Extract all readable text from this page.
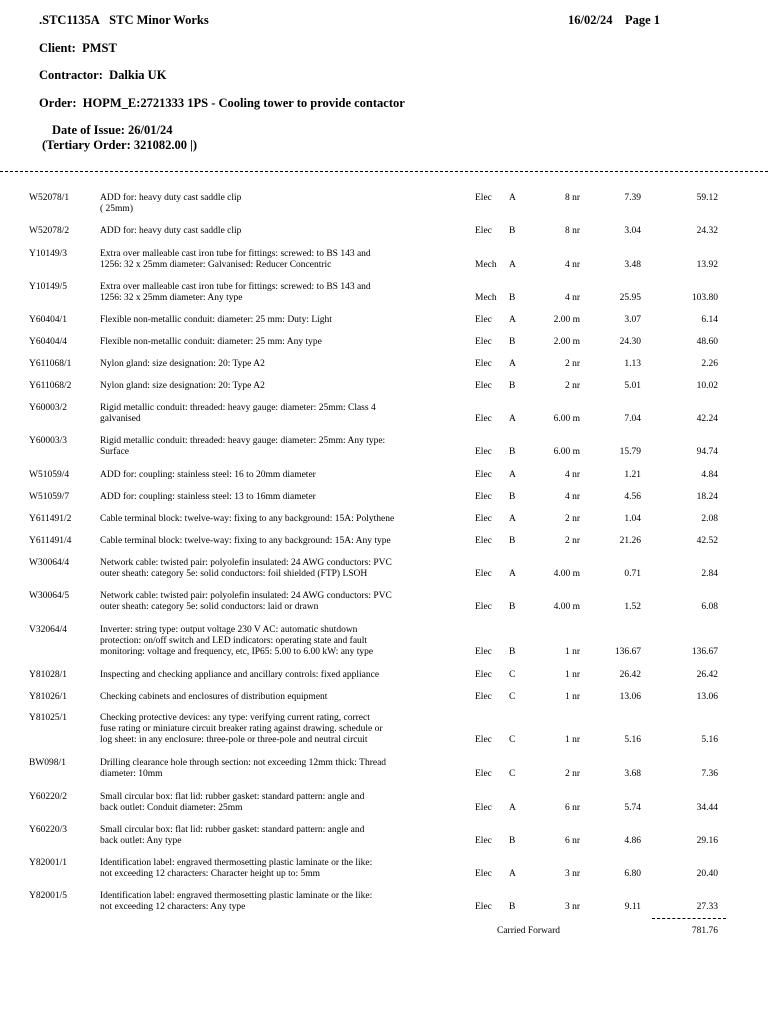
.STC1135A STC Minor Works	16/02/24 Page 1
Client: PMST
Contractor: Dalkia UK
Order: HOPM_E:2721333 1PS - Cooling tower to provide contactor
Date of Issue: 26/01/24
(Tertiary Order: 321082.00 |)
W52078/1	ADD for: heavy duty cast saddle clip
( 25mm)
Elec A	8 nr	7.39	59.12
W52078/2	ADD for: heavy duty cast saddle clip	Elec B	8 nr	3.04	24.32
Y10149/3	Extra over malleable cast iron tube for fittings: screwed: to BS 143 and
1256: 32 x 25mm diameter: Galvanised: Reducer Concentric	Mech A	4 nr	3.48	13.92
Y10149/5	Extra over malleable cast iron tube for fittings: screwed: to BS 143 and
1256: 32 x 25mm diameter: Any type	Mech B	4 nr	25.95	103.80
Y60404/1	Flexible non-metallic conduit: diameter: 25 mm: Duty: Light	Elec A	2.00 m	3.07	6.14
Y60404/4	Flexible non-metallic conduit: diameter: 25 mm: Any type	Elec B	2.00 m	24.30	48.60
Y611068/1	Nylon gland: size designation: 20: Type A2	Elec A	2 nr	1.13	2.26
Y611068/2	Nylon gland: size designation: 20: Type A2	Elec B	2 nr	5.01	10.02
Y60003/2	Rigid metallic conduit: threaded: heavy gauge: diameter: 25mm: Class 4
galvanised	Elec A	6.00 m	7.04	42.24
Y60003/3	Rigid metallic conduit: threaded: heavy gauge: diameter: 25mm: Any type:
Surface	Elec B	6.00 m	15.79	94.74
W51059/4	ADD for: coupling: stainless steel: 16 to 20mm diameter	Elec A	4 nr	1.21	4.84
W51059/7	ADD for: coupling: stainless steel: 13 to 16mm diameter	Elec B	4 nr	4.56	18.24
Y611491/2	Cable terminal block: twelve-way: fixing to any background: 15A: Polythene	Elec A	2 nr	1.04	2.08
Y611491/4	Cable terminal block: twelve-way: fixing to any background: 15A: Any type	Elec B	2 nr	21.26	42.52
W30064/4	Network cable: twisted pair: polyolefin insulated: 24 AWG conductors: PVC
outer sheath: category 5e: solid conductors: foil shielded (FTP) LSOH	Elec A	4.00 m	0.71	2.84
W30064/5	Network cable: twisted pair: polyolefin insulated: 24 AWG conductors: PVC
outer sheath: category 5e: solid conductors: laid or drawn	Elec B	4.00 m	1.52	6.08
V32064/4	Inverter: string type: output voltage 230 V AC: automatic shutdown
protection: on/off switch and LED indicators: operating state and fault
monitoring: voltage and frequency, etc, IP65: 5.00 to 6.00 kW: any type	Elec B	1 nr	136.67	136.67
Y81028/1	Inspecting and checking appliance and ancillary controls: fixed appliance	Elec C	1 nr	26.42	26.42
Y81026/1	Checking cabinets and enclosures of distribution equipment	Elec C	1 nr	13.06	13.06
Y81025/1	Checking protective devices: any type: verifying current rating, correct
fuse rating or miniature circuit breaker rating against drawing. schedule or
log sheet: in any enclosure: three-pole or three-pole and neutral circuit	Elec C	1 nr	5.16	5.16
BW098/1	Drilling clearance hole through section: not exceeding 12mm thick: Thread
diameter: 10mm	Elec C	2 nr	3.68	7.36
Y60220/2	Small circular box: flat lid: rubber gasket: standard pattern: angle and
back outlet: Conduit diameter: 25mm	Elec A	6 nr	5.74	34.44
Y60220/3	Small circular box: flat lid: rubber gasket: standard pattern: angle and
back outlet: Any type	Elec B	6 nr	4.86	29.16
Y82001/1	Identification label: engraved thermosetting plastic laminate or the like:
not exceeding 12 characters: Character height up to: 5mm	Elec A	3 nr	6.80	20.40
Y82001/5	Identification label: engraved thermosetting plastic laminate or the like:
not exceeding 12 characters: Any type	Elec B	3 nr	9.11	27.33
Carried Forward	781.76
